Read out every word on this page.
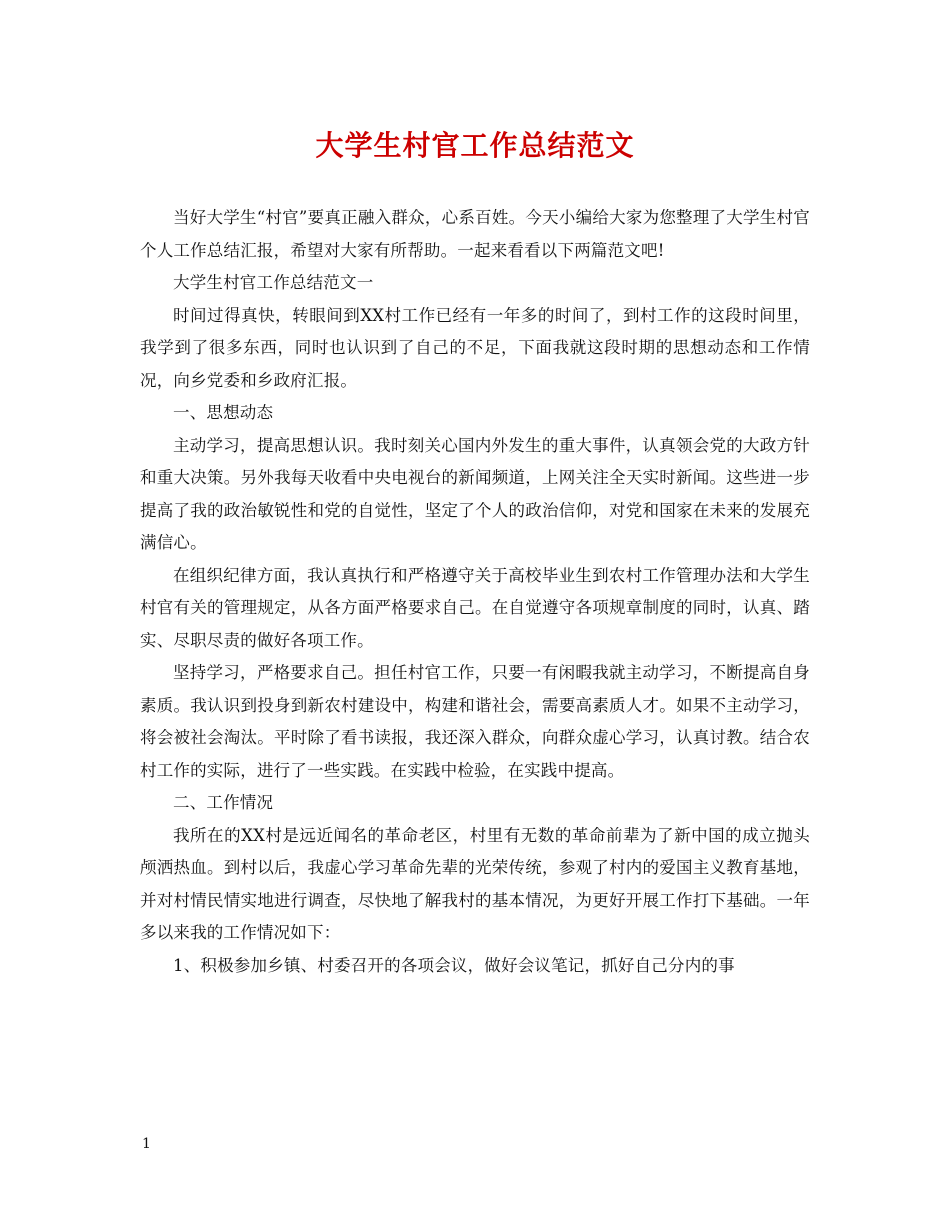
大学生村官工作总结范文

当好大学生“村官”要真正融入群众，心系百姓。今天小编给大家为您整理了大学生村官个人工作总结汇报，希望对大家有所帮助。一起来看看以下两篇范文吧!

大学生村官工作总结范文一

时间过得真快，转眼间到XX村工作已经有一年多的时间了，到村工作的这段时间里，我学到了很多东西，同时也认识到了自己的不足，下面我就这段时期的思想动态和工作情况，向乡党委和乡政府汇报。

一、思想动态

主动学习，提高思想认识。我时刻关心国内外发生的重大事件，认真领会党的大政方针和重大决策。另外我每天收看中央电视台的新闻频道，上网关注全天实时新闻。这些进一步提高了我的政治敏锐性和党的自觉性，坚定了个人的政治信仰，对党和国家在未来的发展充满信心。

在组织纪律方面，我认真执行和严格遵守关于高校毕业生到农村工作管理办法和大学生村官有关的管理规定，从各方面严格要求自己。在自觉遵守各项规章制度的同时，认真、踏实、尽职尽责的做好各项工作。

坚持学习，严格要求自己。担任村官工作，只要一有闲暇我就主动学习，不断提高自身素质。我认识到投身到新农村建设中，构建和谐社会，需要高素质人才。如果不主动学习，将会被社会淘汰。平时除了看书读报，我还深入群众，向群众虚心学习，认真讨教。结合农村工作的实际，进行了一些实践。在实践中检验，在实践中提高。

二、工作情况

我所在的XX村是远近闻名的革命老区，村里有无数的革命前辈为了新中国的成立抛头颅洒热血。到村以后，我虚心学习革命先辈的光荣传统，参观了村内的爱国主义教育基地，并对村情民情实地进行调查，尽快地了解我村的基本情况，为更好开展工作打下基础。一年多以来我的工作情况如下：

1、积极参加乡镇、村委召开的各项会议，做好会议笔记，抓好自己分内的事

1
